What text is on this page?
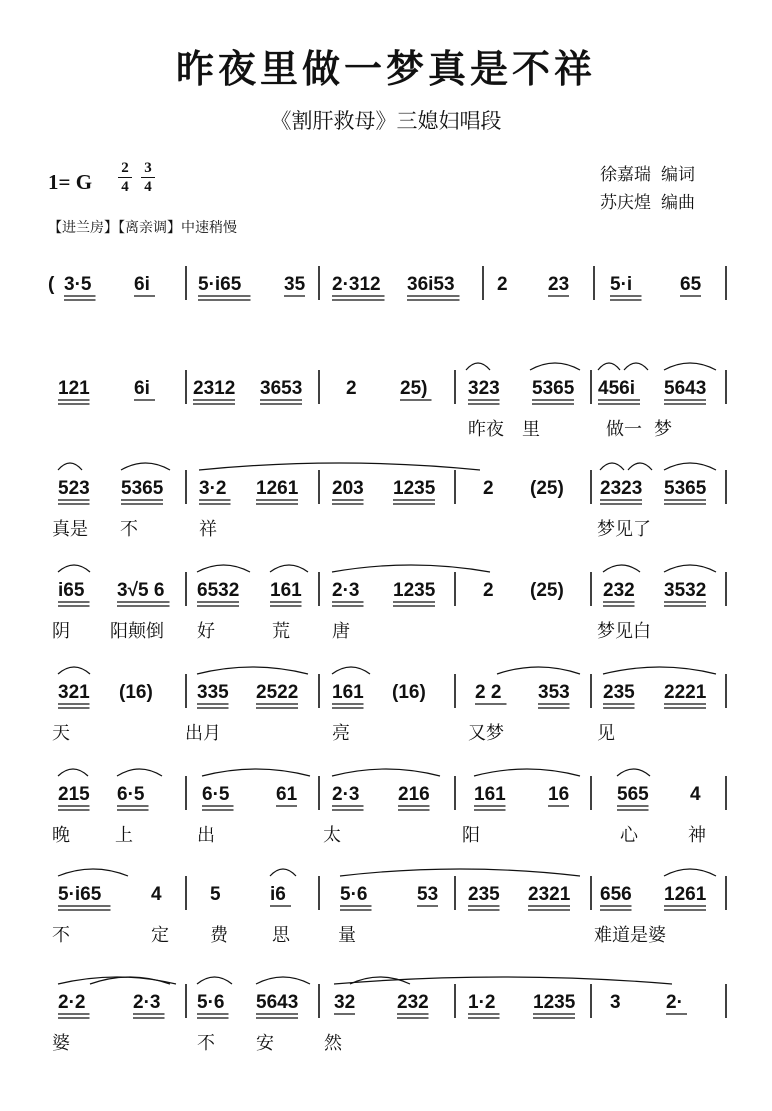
昨夜里做一梦真是不祥
《割肝救母》三媳妇唱段
1= G
2
4
3
4
徐嘉瑞 编词
苏庆煌 编曲
【进兰房】【离亲调】中速稍慢
( 3·5 6i	5·i65 35 2·312 36i53 2 23 5·i	65
121 6i 2312 3653 2 25) 323 5365 456i 5643
昨夜 里	做一 梦
523 5365 3·2 1261 203 1235	2 (25) 2323 5365
真是 不	祥	梦见了
i65 3√5 6 6532 161 2·3 1235	2 (25) 232 3532
阴 阳颠倒 好	荒 唐	梦见白
321 (16) 335 2522 161 (16)	2 2 353 235 2221
天	出月	亮	又梦	见
215 6·5	6·5 61 2·3 216 161 16	565 4
晚	上	出	太	阳	心	神
5·i65	4	5	i6	5·6	53 235 2321 656 1261
不	定 费 思	量	难道是婆
2·2	2·3 5·6 5643 32 232 1·2 1235 3 2·
婆	不 安	然
